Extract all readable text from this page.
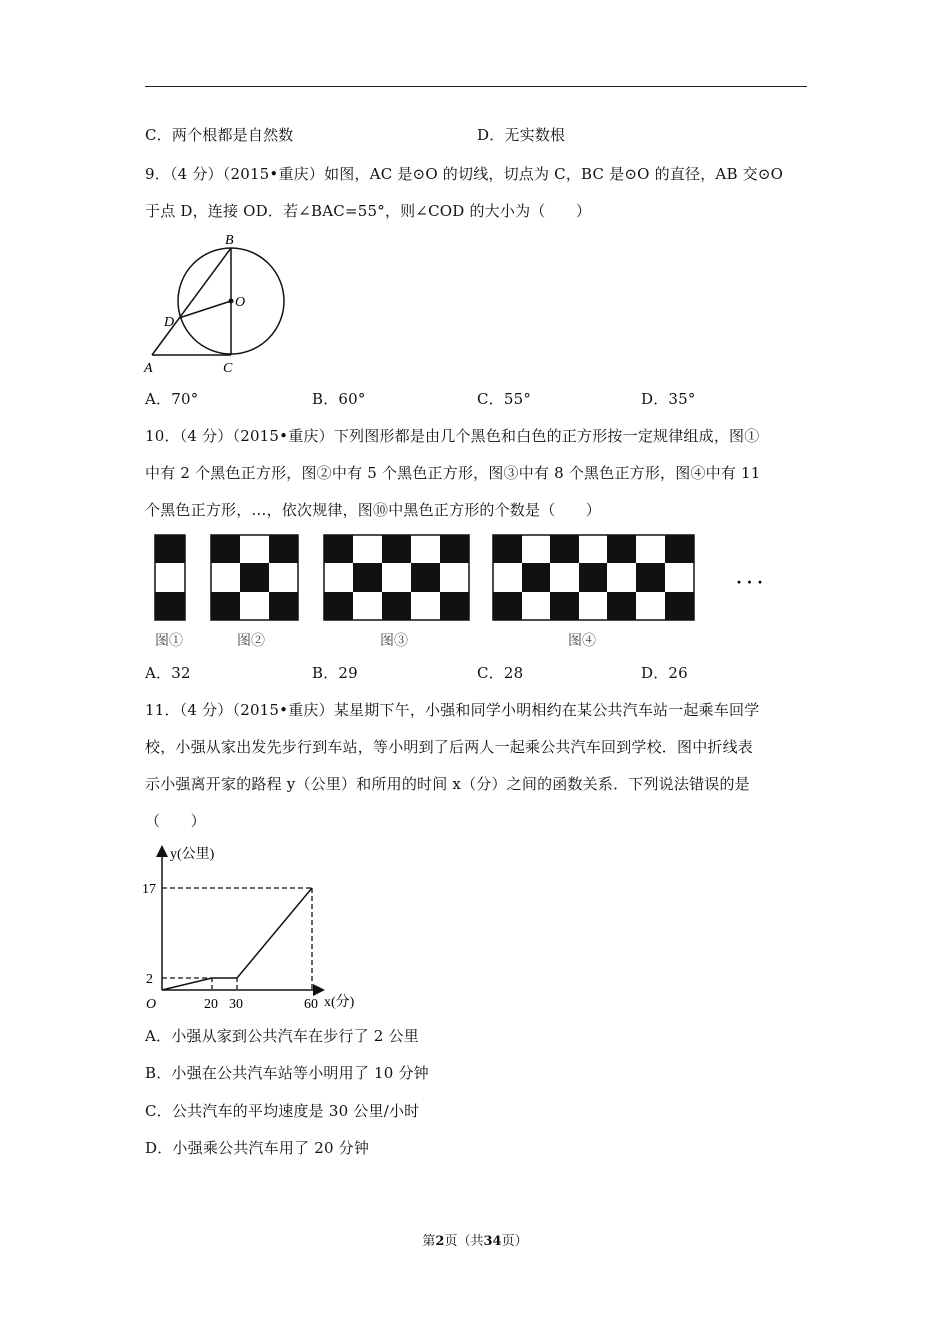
C．两个根都是自然数	D．无实数根
9．（4 分）（2015•重庆）如图，AC 是⊙O 的切线，切点为 C，BC 是⊙O 的直径，AB 交⊙O
于点 D，连接 OD．若∠BAC=55°，则∠COD 的大小为（　　）
B
O
D
A	C
A．70°	B．60°	C．55°	D．35°
10．（4 分）（2015•重庆）下列图形都是由几个黑色和白色的正方形按一定规律组成，图①
中有 2 个黑色正方形，图②中有 5 个黑色正方形，图③中有 8 个黑色正方形，图④中有 11
个黑色正方形，…，依次规律，图⑩中黑色正方形的个数是（　　）
· · ·
图①	图②	图③	图④
A．32	B．29	C．28	D．26
11．（4 分）（2015•重庆）某星期下午，小强和同学小明相约在某公共汽车站一起乘车回学
校，小强从家出发先步行到车站，等小明到了后两人一起乘公共汽车回到学校．图中折线表
示小强离开家的路程 y（公里）和所用的时间 x（分）之间的函数关系．下列说法错误的是
（　　）
y(公里)
x(分)
O
17
2
20 30	60
A．小强从家到公共汽车在步行了 2 公里
B．小强在公共汽车站等小明用了 10 分钟
C．公共汽车的平均速度是 30 公里/小时
D．小强乘公共汽车用了 20 分钟
第2页（共34页）
